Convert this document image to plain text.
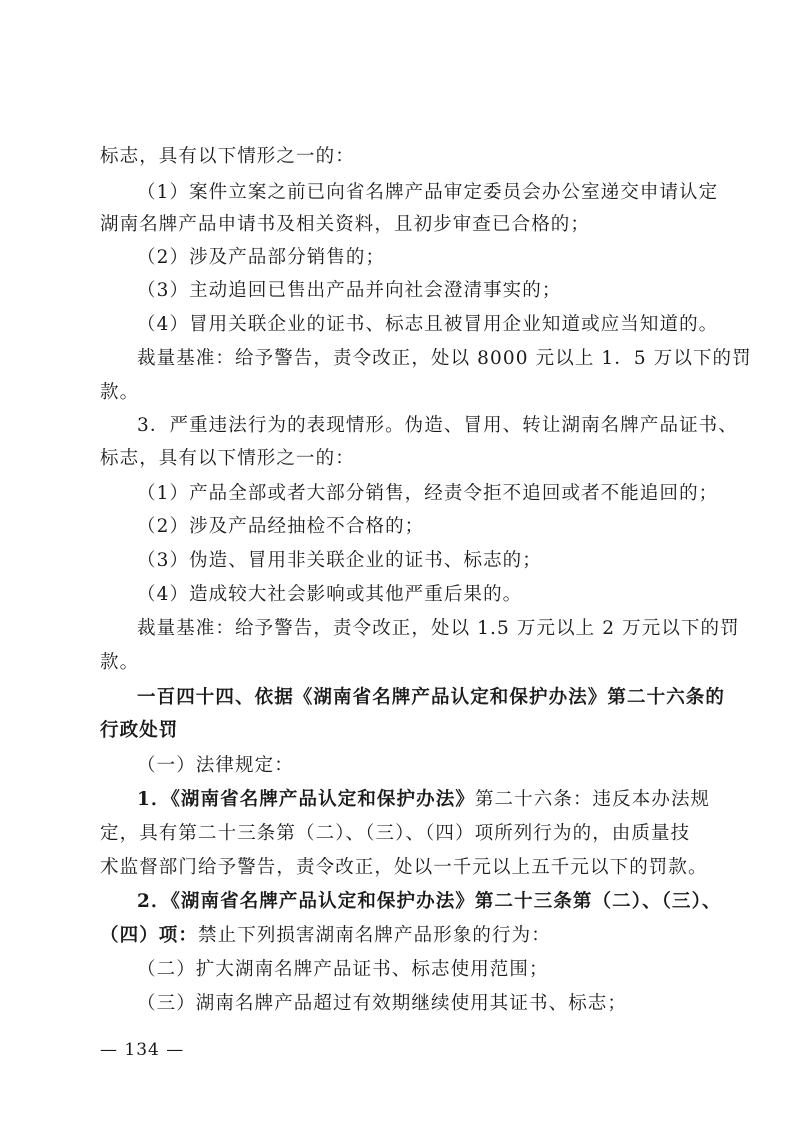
标志，具有以下情形之一的：
（1）案件立案之前已向省名牌产品审定委员会办公室递交申请认定
湖南名牌产品申请书及相关资料，且初步审查已合格的；
（2）涉及产品部分销售的；
（3）主动追回已售出产品并向社会澄清事实的；
（4）冒用关联企业的证书、标志且被冒用企业知道或应当知道的。
裁量基准：给予警告，责令改正，处以 8000 元以上 1．5 万以下的罚
款。
3．严重违法行为的表现情形。伪造、冒用、转让湖南名牌产品证书、
标志，具有以下情形之一的：
（1）产品全部或者大部分销售，经责令拒不追回或者不能追回的；
（2）涉及产品经抽检不合格的；
（3）伪造、冒用非关联企业的证书、标志的；
（4）造成较大社会影响或其他严重后果的。
裁量基准：给予警告，责令改正，处以 1.5 万元以上 2 万元以下的罚
款。
一百四十四、依据《湖南省名牌产品认定和保护办法》第二十六条的
行政处罚
（一）法律规定：
1．《湖南省名牌产品认定和保护办法》第二十六条：违反本办法规
定，具有第二十三条第（二）、（三）、（四）项所列行为的，由质量技
术监督部门给予警告，责令改正，处以一千元以上五千元以下的罚款。
2．《湖南省名牌产品认定和保护办法》第二十三条第（二）、（三）、
（四）项：禁止下列损害湖南名牌产品形象的行为：
（二）扩大湖南名牌产品证书、标志使用范围；
（三）湖南名牌产品超过有效期继续使用其证书、标志；
— 134 —
